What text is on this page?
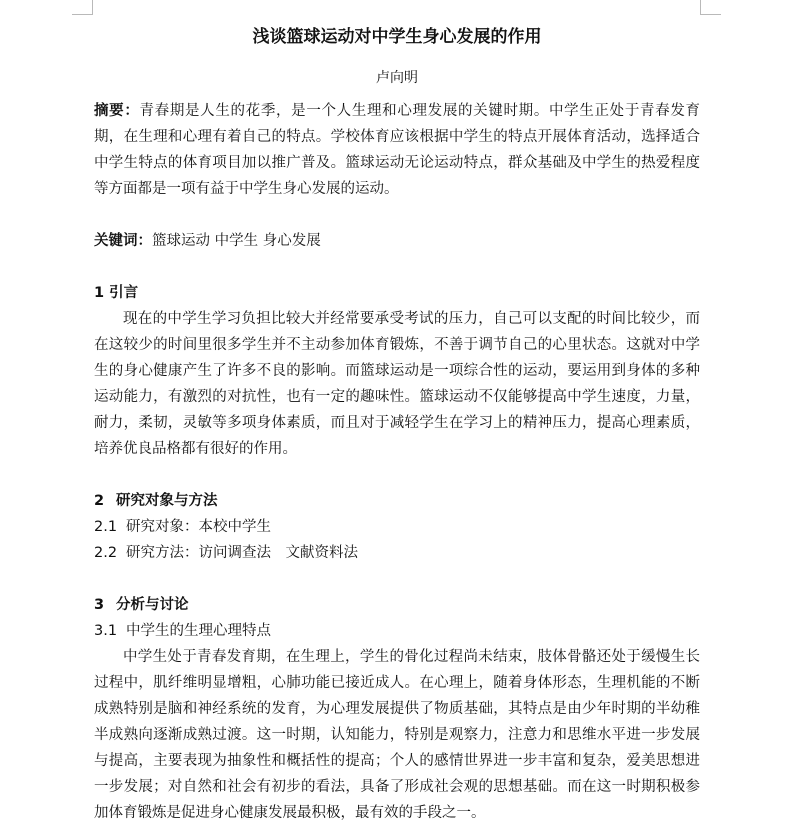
浅谈篮球运动对中学生身心发展的作用
卢向明

摘要：青春期是人生的花季，是一个人生理和心理发展的关键时期。中学生正处于青春发育期，在生理和心理有着自己的特点。学校体育应该根据中学生的特点开展体育活动，选择适合中学生特点的体育项目加以推广普及。篮球运动无论运动特点，群众基础及中学生的热爱程度等方面都是一项有益于中学生身心发展的运动。

关键词：篮球运动 中学生 身心发展

1 引言

现在的中学生学习负担比较大并经常要承受考试的压力，自己可以支配的时间比较少，而在这较少的时间里很多学生并不主动参加体育锻炼，不善于调节自己的心里状态。这就对中学生的身心健康产生了许多不良的影响。而篮球运动是一项综合性的运动，要运用到身体的多种运动能力，有激烈的对抗性，也有一定的趣味性。篮球运动不仅能够提高中学生速度，力量，耐力，柔韧，灵敏等多项身体素质，而且对于减轻学生在学习上的精神压力，提高心理素质，培养优良品格都有很好的作用。

2 研究对象与方法
2.1 研究对象：本校中学生
2.2 研究方法：访问调查法　文献资料法
3 分析与讨论
3.1 中学生的生理心理特点

中学生处于青春发育期，在生理上，学生的骨化过程尚未结束，肢体骨骼还处于缓慢生长过程中，肌纤维明显增粗，心肺功能已接近成人。在心理上，随着身体形态，生理机能的不断成熟特别是脑和神经系统的发育，为心理发展提供了物质基础，其特点是由少年时期的半幼稚半成熟向逐渐成熟过渡。这一时期，认知能力，特别是观察力，注意力和思维水平进一步发展与提高，主要表现为抽象性和概括性的提高；个人的感情世界进一步丰富和复杂，爱美思想进一步发展；对自然和社会有初步的看法，具备了形成社会观的思想基础。而在这一时期积极参加体育锻炼是促进身心健康发展最积极，最有效的手段之一。
